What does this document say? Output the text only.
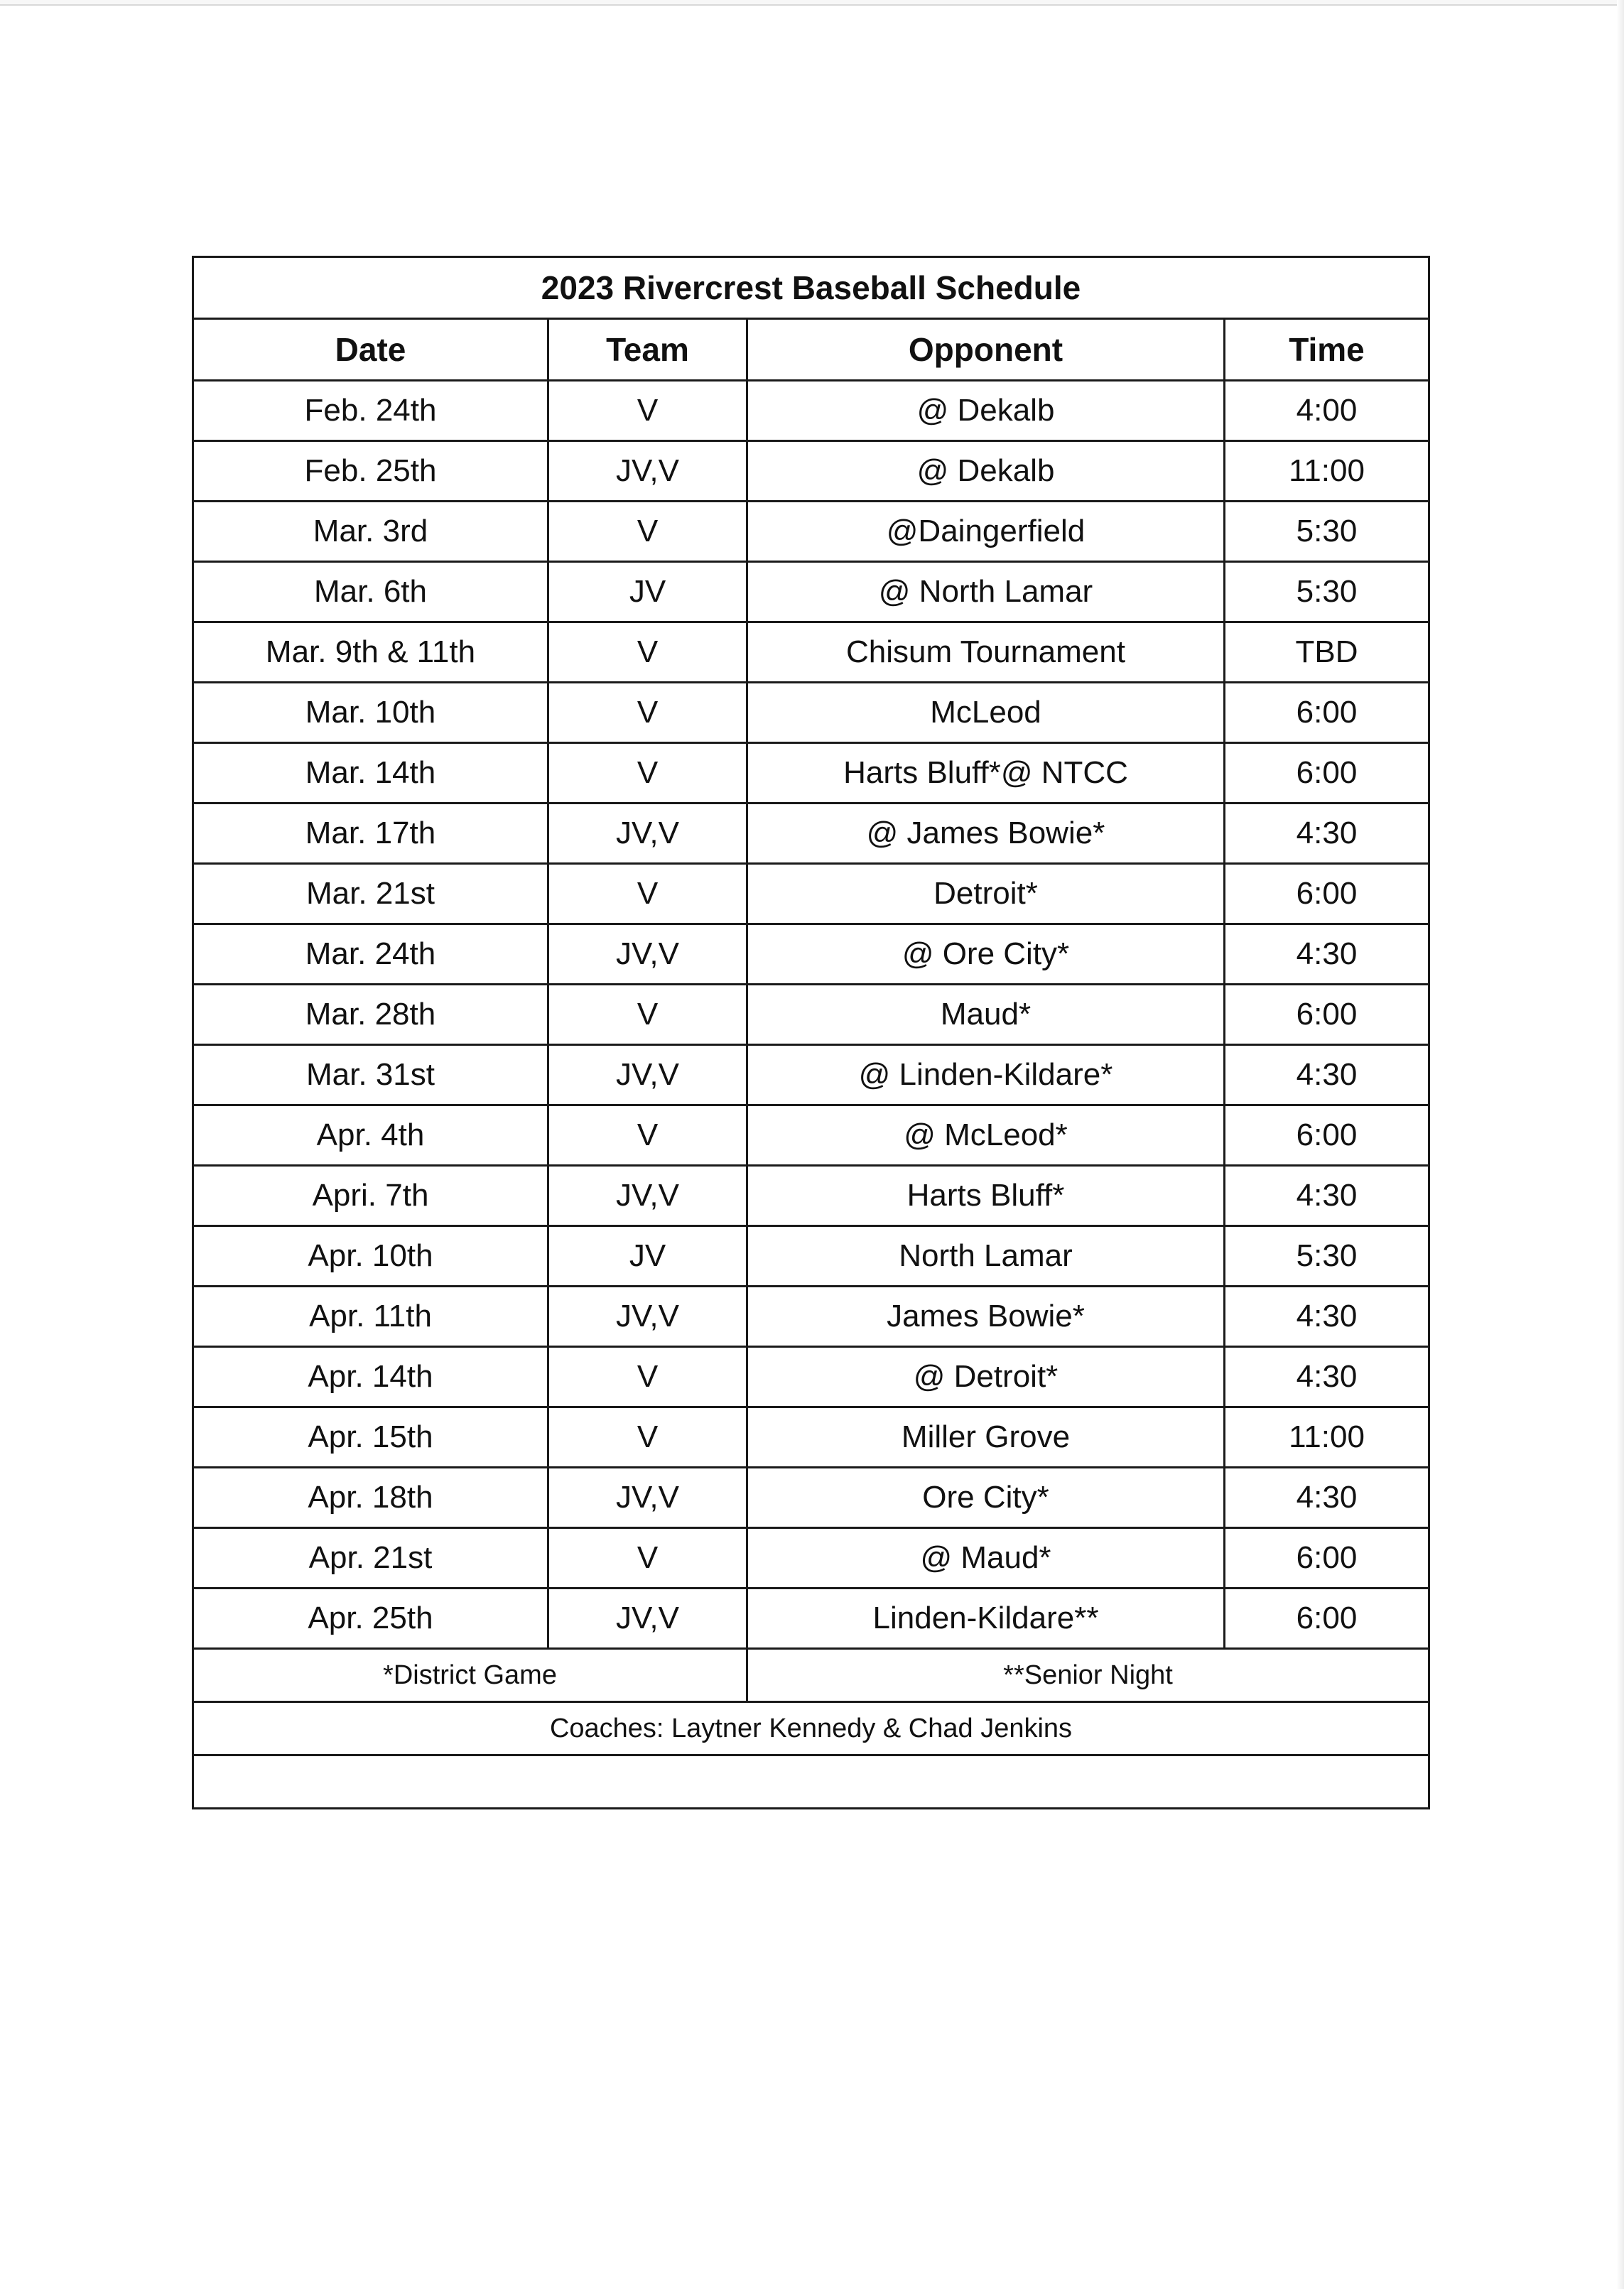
2023 Rivercrest Baseball Schedule			
Date	Team	Opponent	Time
Feb. 24th	V	@ Dekalb	4:00
Feb. 25th	JV,V	@ Dekalb	11:00
Mar. 3rd	V	@Daingerfield	5:30
Mar. 6th	JV	@ North Lamar	5:30
Mar. 9th & 11th	V	Chisum Tournament	TBD
Mar. 10th	V	McLeod	6:00
Mar. 14th	V	Harts Bluff*@ NTCC	6:00
Mar. 17th	JV,V	@ James Bowie*	4:30
Mar. 21st	V	Detroit*	6:00
Mar. 24th	JV,V	@ Ore City*	4:30
Mar. 28th	V	Maud*	6:00
Mar. 31st	JV,V	@ Linden-Kildare*	4:30
Apr. 4th	V	@ McLeod*	6:00
Apri. 7th	JV,V	Harts Bluff*	4:30
Apr. 10th	JV	North Lamar	5:30
Apr. 11th	JV,V	James Bowie*	4:30
Apr. 14th	V	@ Detroit*	4:30
Apr. 15th	V	Miller Grove	11:00
Apr. 18th	JV,V	Ore City*	4:30
Apr. 21st	V	@ Maud*	6:00
Apr. 25th	JV,V	Linden-Kildare**	6:00
*District Game		**Senior Night	
Coaches: Laytner Kennedy & Chad Jenkins			
